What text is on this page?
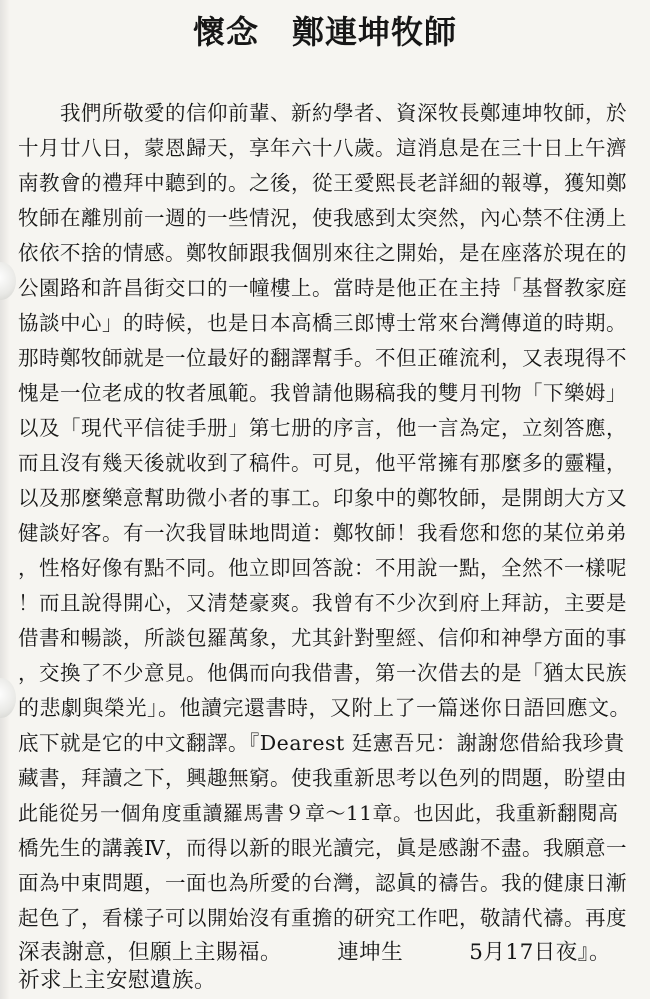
懷念　鄭連坤牧師
　　我們所敬愛的信仰前輩、新約學者、資深牧長鄭連坤牧師，於
十月廿八日，蒙恩歸天，享年六十八歲。這消息是在三十日上午濟
南教會的禮拜中聽到的。之後，從王愛熙長老詳細的報導，獲知鄭
牧師在離別前一週的一些情況，使我感到太突然，內心禁不住湧上
依依不捨的情感。鄭牧師跟我個別來往之開始，是在座落於現在的
公園路和許昌街交口的一幢樓上。當時是他正在主持「基督教家庭
協談中心」的時候，也是日本高橋三郎博士常來台灣傳道的時期。
那時鄭牧師就是一位最好的翻譯幫手。不但正確流利，又表現得不
愧是一位老成的牧者風範。我曾請他賜稿我的雙月刊物「下樂姆」
以及「現代平信徒手册」第七册的序言，他一言為定，立刻答應，
而且沒有幾天後就收到了稿件。可見，他平常擁有那麼多的靈糧，
以及那麼樂意幫助微小者的事工。印象中的鄭牧師，是開朗大方又
健談好客。有一次我冒昧地問道：鄭牧師！我看您和您的某位弟弟
，性格好像有點不同。他立即回答說：不用說一點，全然不一樣呢
！而且說得開心，又清楚豪爽。我曾有不少次到府上拜訪，主要是
借書和暢談，所談包羅萬象，尤其針對聖經、信仰和神學方面的事
，交換了不少意見。他偶而向我借書，第一次借去的是「猶太民族
的悲劇與榮光」。他讀完還書時，又附上了一篇迷你日語回應文。
底下就是它的中文翻譯。『Dearest 廷憲吾兄：謝謝您借給我珍貴
藏書，拜讀之下，興趣無窮。使我重新思考以色列的問題，盼望由
此能從另一個角度重讀羅馬書９章～11章。也因此，我重新翻閱高
橋先生的講義Ⅳ，而得以新的眼光讀完，眞是感謝不盡。我願意一
面為中東問題，一面也為所愛的台灣，認眞的禱告。我的健康日漸
起色了，看樣子可以開始沒有重擔的研究工作吧，敬請代禱。再度
深表謝意，但願上主賜福。　　　連坤生　　　5月17日夜』。
祈求上主安慰遺族。
